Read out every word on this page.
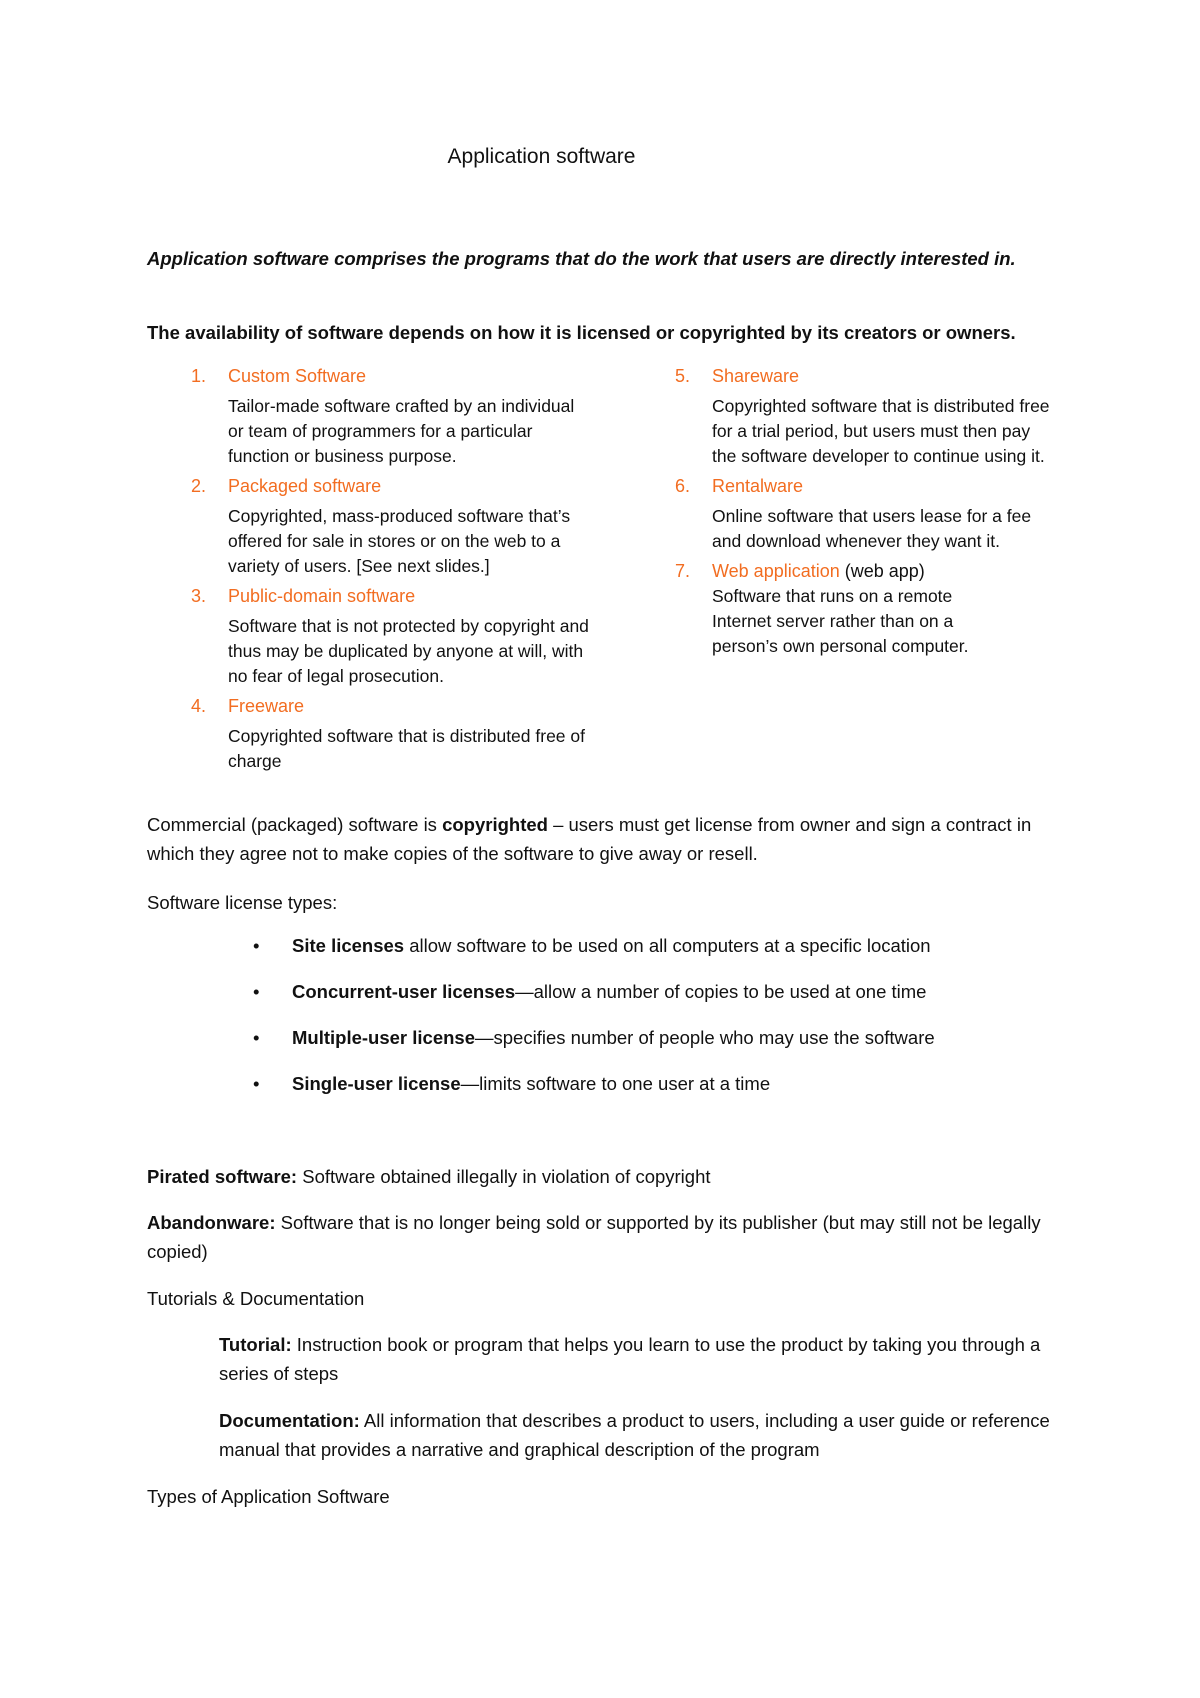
Application software
Application software comprises the programs that do the work that users are directly interested in.
The availability of software depends on how it is licensed or copyrighted by its creators or owners.
1. Custom Software
Tailor-made software crafted by an individual or team of programmers for a particular function or business purpose.
2. Packaged software
Copyrighted, mass-produced software that’s offered for sale in stores or on the web to a variety of users. [See next slides.]
3. Public-domain software
Software that is not protected by copyright and thus may be duplicated by anyone at will, with no fear of legal prosecution.
4. Freeware
Copyrighted software that is distributed free of charge
5. Shareware
Copyrighted software that is distributed free for a trial period, but users must then pay the software developer to continue using it.
6. Rentalware
Online software that users lease for a fee and download whenever they want it.
7. Web application (web app)
Software that runs on a remote Internet server rather than on a person’s own personal computer.
Commercial (packaged) software is copyrighted – users must get license from owner and sign a contract in which they agree not to make copies of the software to give away or resell.
Software license types:
•	Site licenses allow software to be used on all computers at a specific location
•	Concurrent-user licenses—allow a number of copies to be used at one time
•	Multiple-user license—specifies number of people who may use the software
•	Single-user license—limits software to one user at a time
Pirated software: Software obtained illegally in violation of copyright
Abandonware: Software that is no longer being sold or supported by its publisher (but may still not be legally copied)
Tutorials & Documentation
Tutorial: Instruction book or program that helps you learn to use the product by taking you through a series of steps
Documentation: All information that describes a product to users, including a user guide or reference manual that provides a narrative and graphical description of the program
Types of Application Software
